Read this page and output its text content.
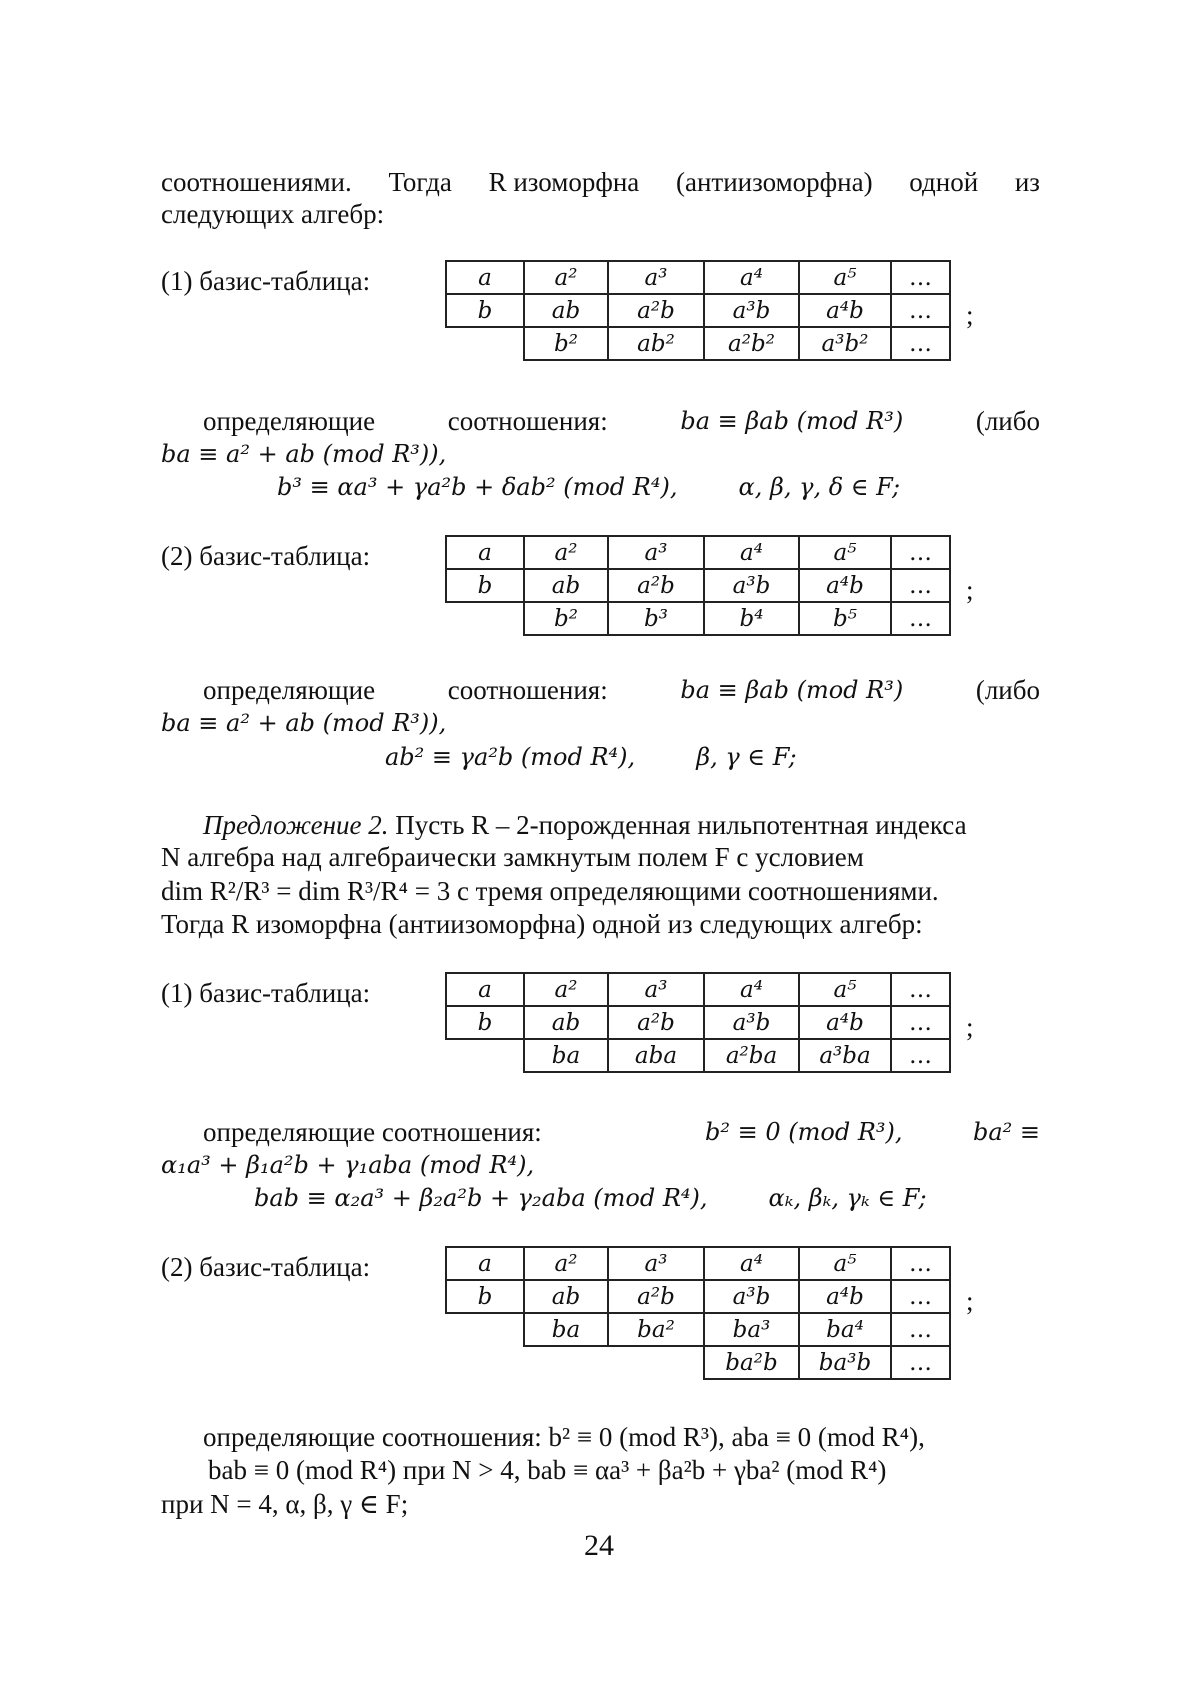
соотношениями. Тогда R изоморфна (антиизоморфна) одной из
следующих алгебр:
(1) базис-таблица:	a	a²	a³	a⁴	a⁵	…
b	ab	a²b	a³b	a⁴b	…
	b²	ab²	a²b²	a³b²	…
;
определяющие	соотношения:	ba ≡ βab (mod R³)	(либо
ba ≡ a² + ab (mod R³)),
b³ ≡ αa³ + γa²b + δab² (mod R⁴),        α, β, γ, δ ∈ F;
(2) базис-таблица:	a	a²	a³	a⁴	a⁵	…
b	ab	a²b	a³b	a⁴b	…
	b²	b³	b⁴	b⁵	…
;
определяющие	соотношения:	ba ≡ βab (mod R³)	(либо
ba ≡ a² + ab (mod R³)),
ab² ≡ γa²b (mod R⁴),        β, γ ∈ F;
Предложение 2. Пусть R – 2-порожденная нильпотентная индекса
N алгебра над алгебраически замкнутым полем F с условием
dim R²/R³ = dim R³/R⁴ = 3 с тремя определяющими соотношениями.
Тогда R изоморфна (антиизоморфна) одной из следующих алгебр:
(1) базис-таблица:	a	a²	a³	a⁴	a⁵	…
b	ab	a²b	a³b	a⁴b	…
	ba	aba	a²ba	a³ba	…
;
определяющие соотношения:	b² ≡ 0 (mod R³),	ba² ≡
α₁a³ + β₁a²b + γ₁aba (mod R⁴),
bab ≡ α₂a³ + β₂a²b + γ₂aba (mod R⁴),        αₖ, βₖ, γₖ ∈ F;
(2) базис-таблица:	a	a²	a³	a⁴	a⁵	…
b	ab	a²b	a³b	a⁴b	…
	ba	ba²	ba³	ba⁴	…
			ba²b	ba³b	…
;
определяющие соотношения: b² ≡ 0 (mod R³), aba ≡ 0 (mod R⁴),
bab ≡ 0 (mod R⁴) при N > 4, bab ≡ αa³ + βa²b + γba² (mod R⁴)
при N = 4, α, β, γ ∈ F;
24
